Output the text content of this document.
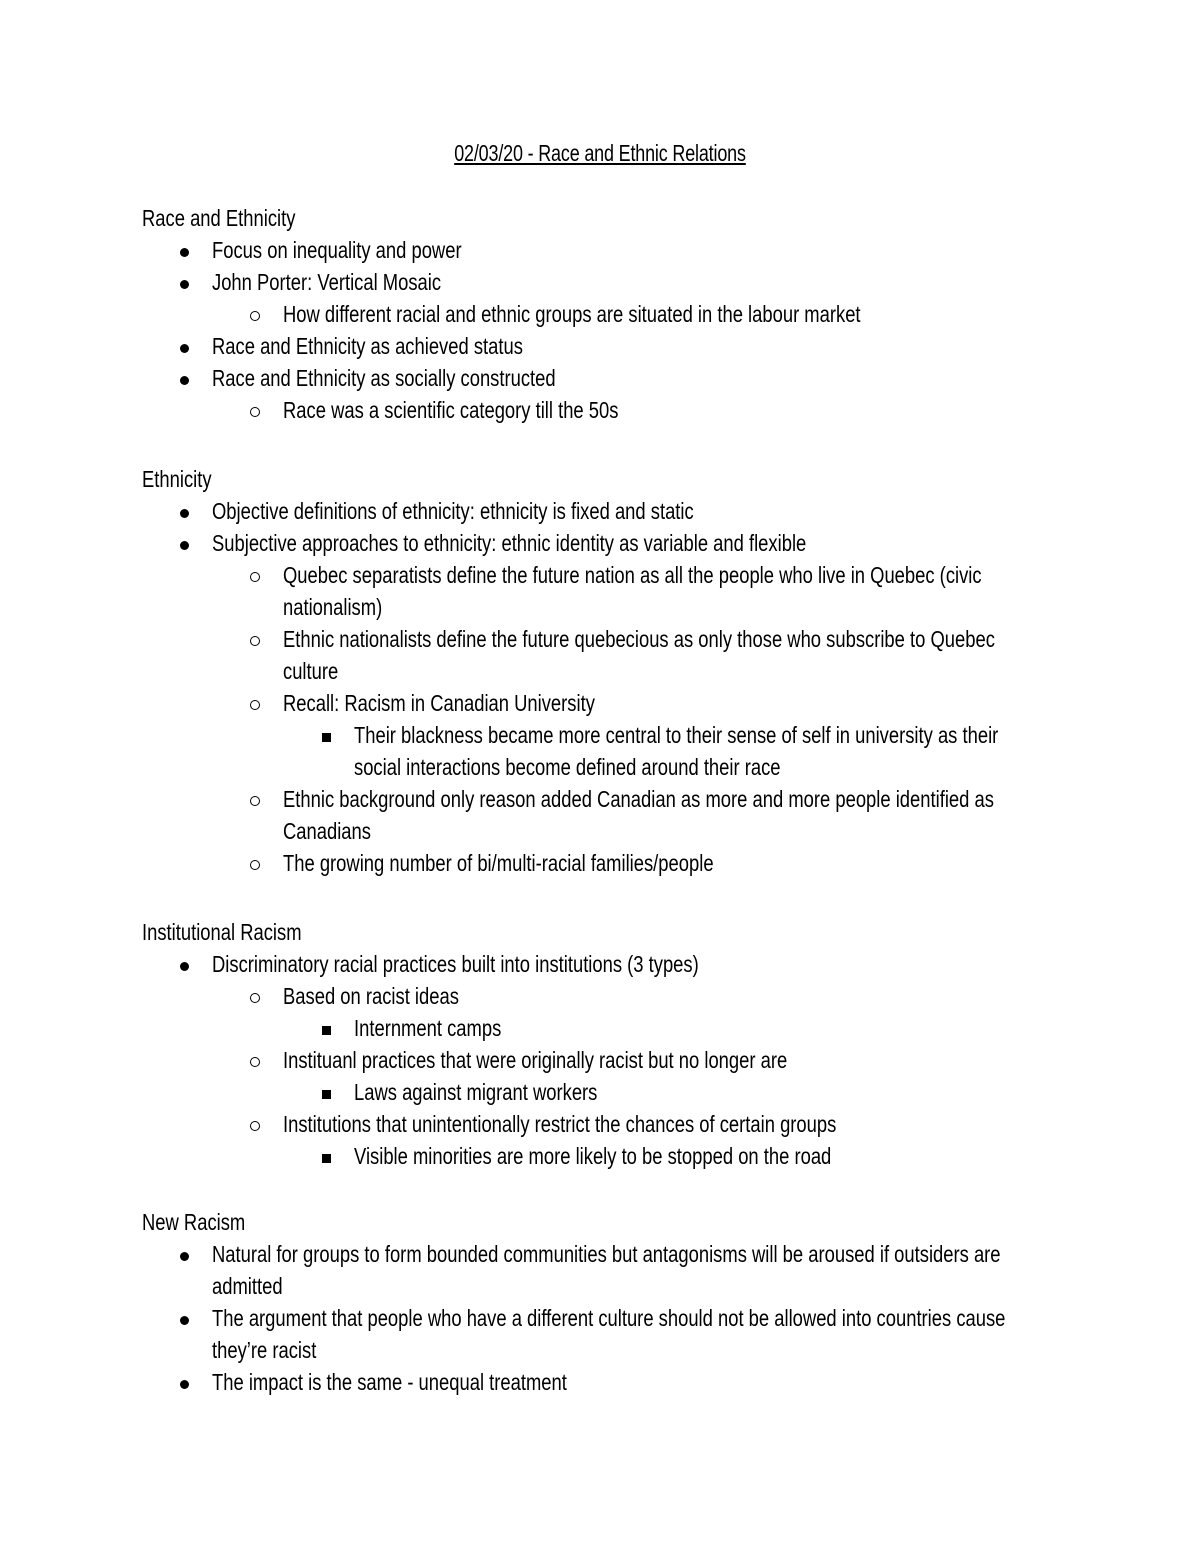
02/03/20 - Race and Ethnic Relations
Race and Ethnicity
Focus on inequality and power
John Porter: Vertical Mosaic
How different racial and ethnic groups are situated in the labour market
Race and Ethnicity as achieved status
Race and Ethnicity as socially constructed
Race was a scientific category till the 50s
Ethnicity
Objective definitions of ethnicity: ethnicity is fixed and static
Subjective approaches to ethnicity: ethnic identity as variable and flexible
Quebec separatists define the future nation as all the people who live in Quebec (civic nationalism)
Ethnic nationalists define the future quebecious as only those who subscribe to Quebec culture
Recall: Racism in Canadian University
Their blackness became more central to their sense of self in university as their social interactions become defined around their race
Ethnic background only reason added Canadian as more and more people identified as Canadians
The growing number of bi/multi-racial families/people
Institutional Racism
Discriminatory racial practices built into institutions (3 types)
Based on racist ideas
Internment camps
Instituanl practices that were originally racist but no longer are
Laws against migrant workers
Institutions that unintentionally restrict the chances of certain groups
Visible minorities are more likely to be stopped on the road
New Racism
Natural for groups to form bounded communities but antagonisms will be aroused if outsiders are admitted
The argument that people who have a different culture should not be allowed into countries cause they’re racist
The impact is the same - unequal treatment
